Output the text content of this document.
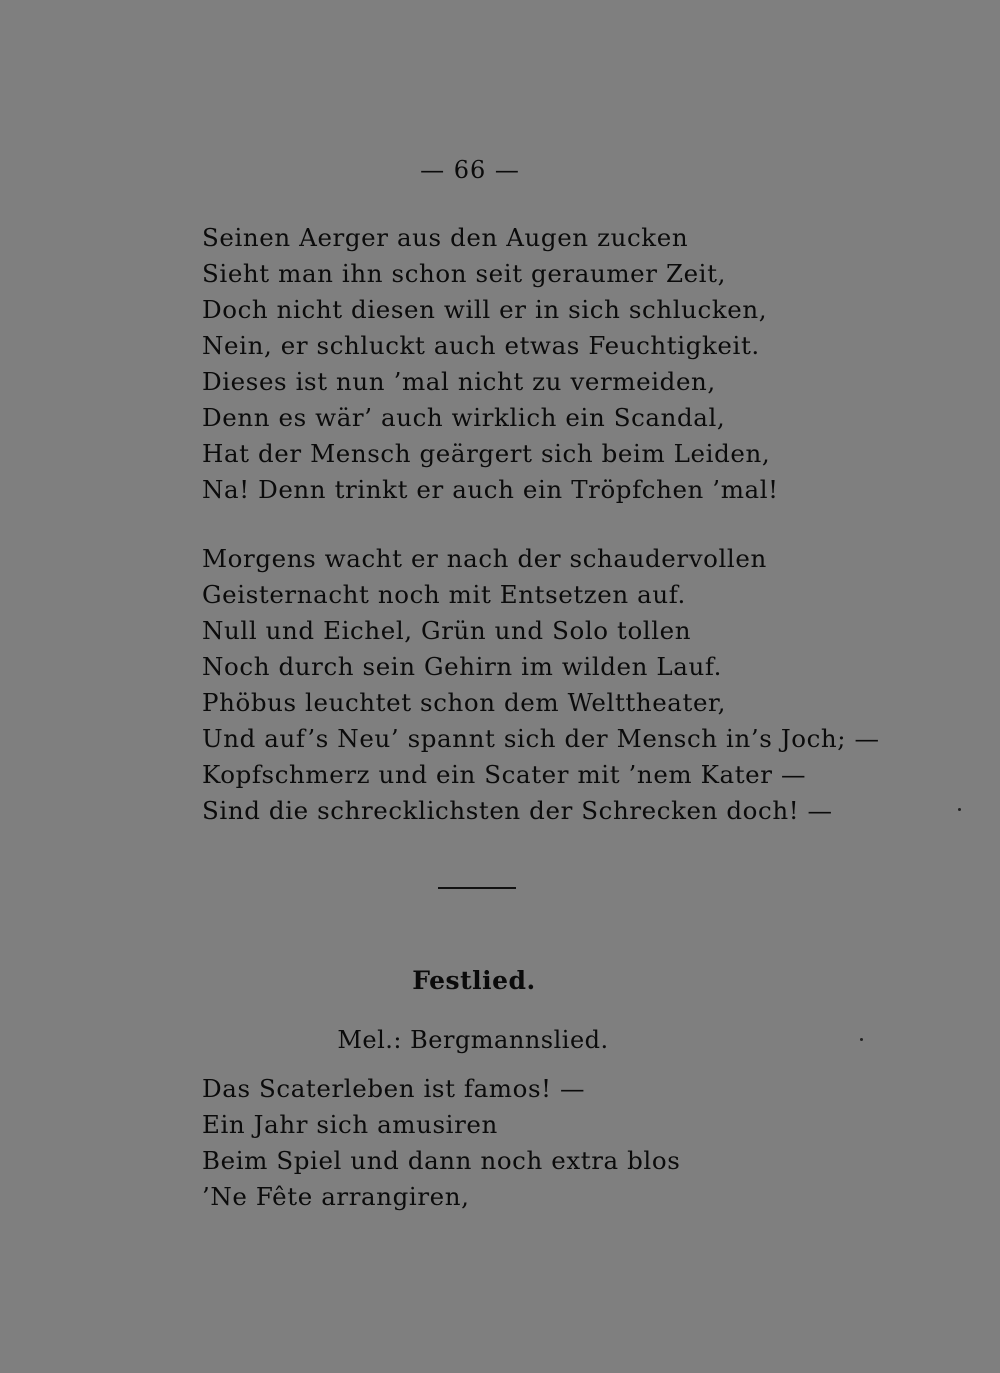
— 66 —
Seinen Aerger aus den Augen zucken
Sieht man ihn schon seit geraumer Zeit,
Doch nicht diesen will er in sich schlucken,
Nein, er schluckt auch etwas Feuchtigkeit.
Dieses ist nun ’mal nicht zu vermeiden,
Denn es wär’ auch wirklich ein Scandal,
Hat der Mensch geärgert sich beim Leiden,
Na! Denn trinkt er auch ein Tröpfchen ’mal!
Morgens wacht er nach der schaudervollen
Geisternacht noch mit Entsetzen auf.
Null und Eichel, Grün und Solo tollen
Noch durch sein Gehirn im wilden Lauf.
Phöbus leuchtet schon dem Welttheater,
Und auf’s Neu’ spannt sich der Mensch in’s Joch; —
Kopfschmerz und ein Scater mit ’nem Kater —
Sind die schrecklichsten der Schrecken doch! —
Festlied.
Mel.: Bergmannslied.
Das Scaterleben ist famos! —
Ein Jahr sich amusiren
Beim Spiel und dann noch extra blos
’Ne Fête arrangiren,
